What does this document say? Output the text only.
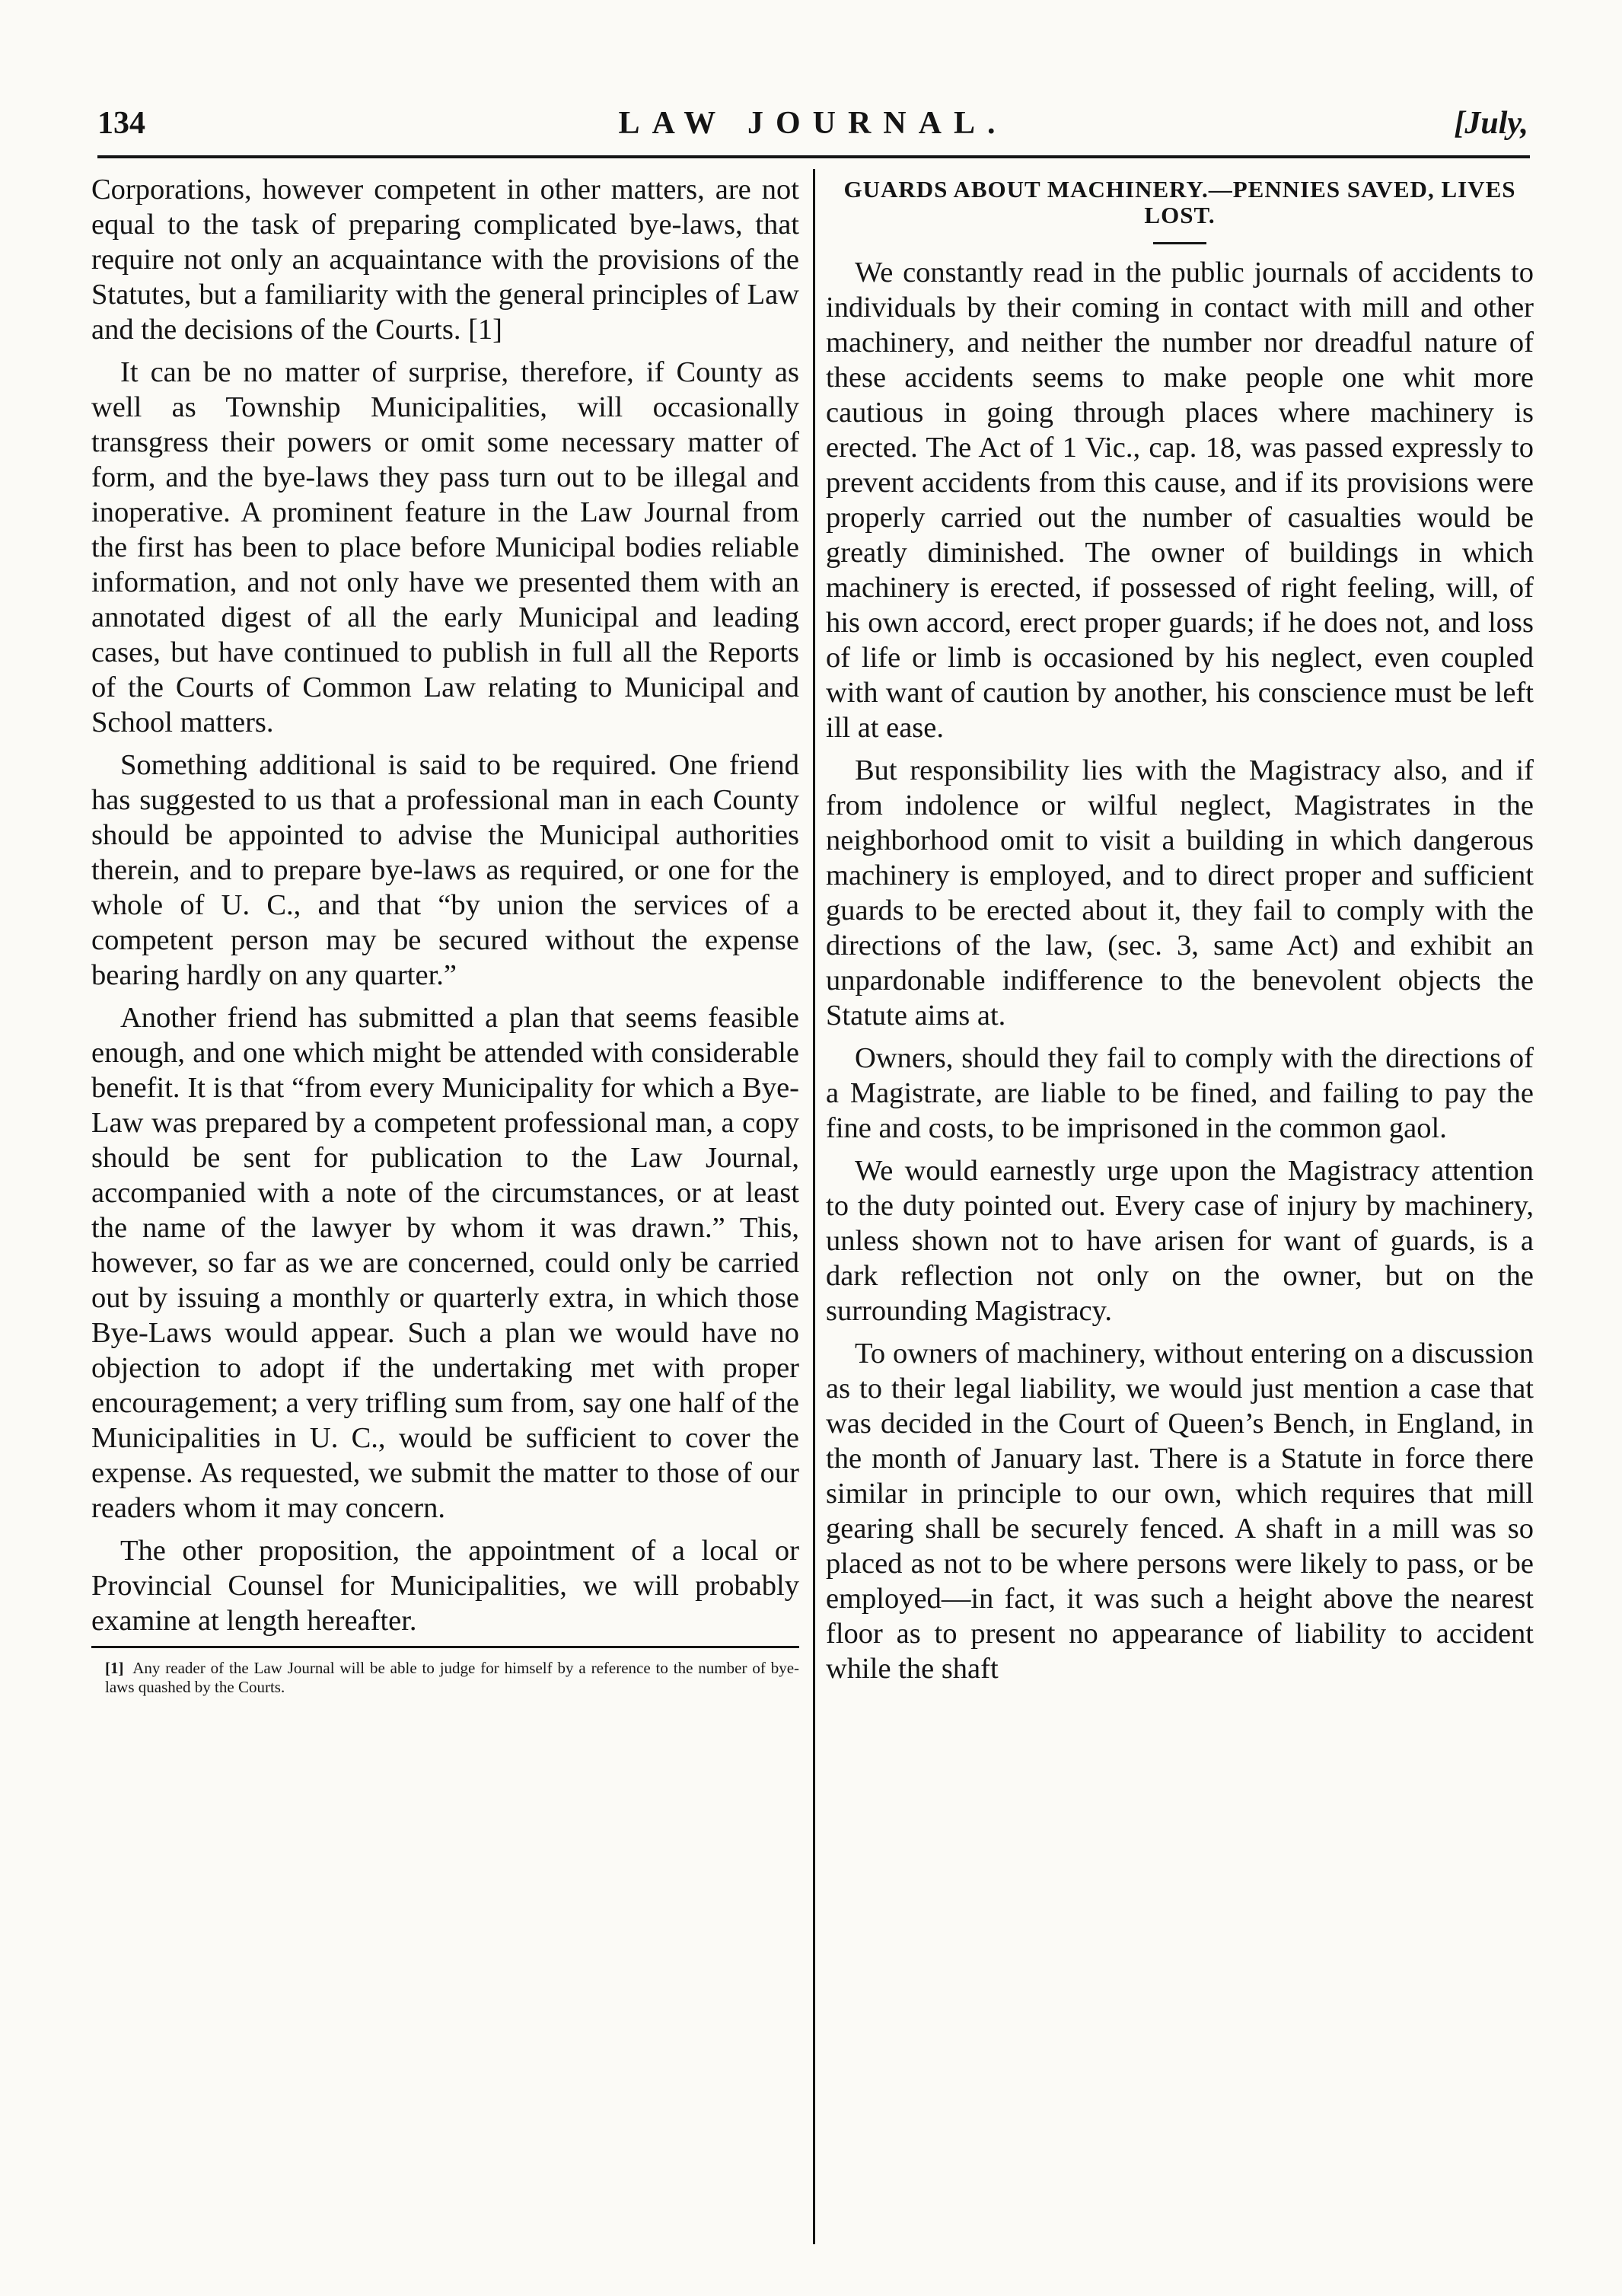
134	LAW JOURNAL.	[July,

Corporations, however competent in other matters, are not equal to the task of preparing complicated bye-laws, that require not only an acquaintance with the provisions of the Statutes, but a familiarity with the general principles of Law and the decisions of the Courts. [1]

It can be no matter of surprise, therefore, if County as well as Township Municipalities, will occasionally transgress their powers or omit some necessary matter of form, and the bye-laws they pass turn out to be illegal and inoperative. A prominent feature in the Law Journal from the first has been to place before Municipal bodies reliable information, and not only have we presented them with an annotated digest of all the early Municipal and leading cases, but have continued to publish in full all the Reports of the Courts of Common Law relating to Municipal and School matters.

Something additional is said to be required. One friend has suggested to us that a professional man in each County should be appointed to advise the Municipal authorities therein, and to prepare bye-laws as required, or one for the whole of U. C., and that “by union the services of a competent person may be secured without the expense bearing hardly on any quarter.”

Another friend has submitted a plan that seems feasible enough, and one which might be attended with considerable benefit. It is that “from every Municipality for which a Bye-Law was prepared by a competent professional man, a copy should be sent for publication to the Law Journal, accompanied with a note of the circumstances, or at least the name of the lawyer by whom it was drawn.” This, however, so far as we are concerned, could only be carried out by issuing a monthly or quarterly extra, in which those Bye-Laws would appear. Such a plan we would have no objection to adopt if the undertaking met with proper encouragement; a very trifling sum from, say one half of the Municipalities in U. C., would be sufficient to cover the expense. As requested, we submit the matter to those of our readers whom it may concern.

The other proposition, the appointment of a local or Provincial Counsel for Municipalities, we will probably examine at length hereafter.

[1] Any reader of the Law Journal will be able to judge for himself by a reference to the number of bye-laws quashed by the Courts.

GUARDS ABOUT MACHINERY.—PENNIES SAVED, LIVES LOST.

We constantly read in the public journals of accidents to individuals by their coming in contact with mill and other machinery, and neither the number nor dreadful nature of these accidents seems to make people one whit more cautious in going through places where machinery is erected. The Act of 1 Vic., cap. 18, was passed expressly to prevent accidents from this cause, and if its provisions were properly carried out the number of casualties would be greatly diminished. The owner of buildings in which machinery is erected, if possessed of right feeling, will, of his own accord, erect proper guards; if he does not, and loss of life or limb is occasioned by his neglect, even coupled with want of caution by another, his conscience must be left ill at ease.

But responsibility lies with the Magistracy also, and if from indolence or wilful neglect, Magistrates in the neighborhood omit to visit a building in which dangerous machinery is employed, and to direct proper and sufficient guards to be erected about it, they fail to comply with the directions of the law, (sec. 3, same Act) and exhibit an unpardonable indifference to the benevolent objects the Statute aims at.

Owners, should they fail to comply with the directions of a Magistrate, are liable to be fined, and failing to pay the fine and costs, to be imprisoned in the common gaol.

We would earnestly urge upon the Magistracy attention to the duty pointed out. Every case of injury by machinery, unless shown not to have arisen for want of guards, is a dark reflection not only on the owner, but on the surrounding Magistracy.

To owners of machinery, without entering on a discussion as to their legal liability, we would just mention a case that was decided in the Court of Queen’s Bench, in England, in the month of January last. There is a Statute in force there similar in principle to our own, which requires that mill gearing shall be securely fenced. A shaft in a mill was so placed as not to be where persons were likely to pass, or be employed—in fact, it was such a height above the nearest floor as to present no appearance of liability to accident while the shaft
